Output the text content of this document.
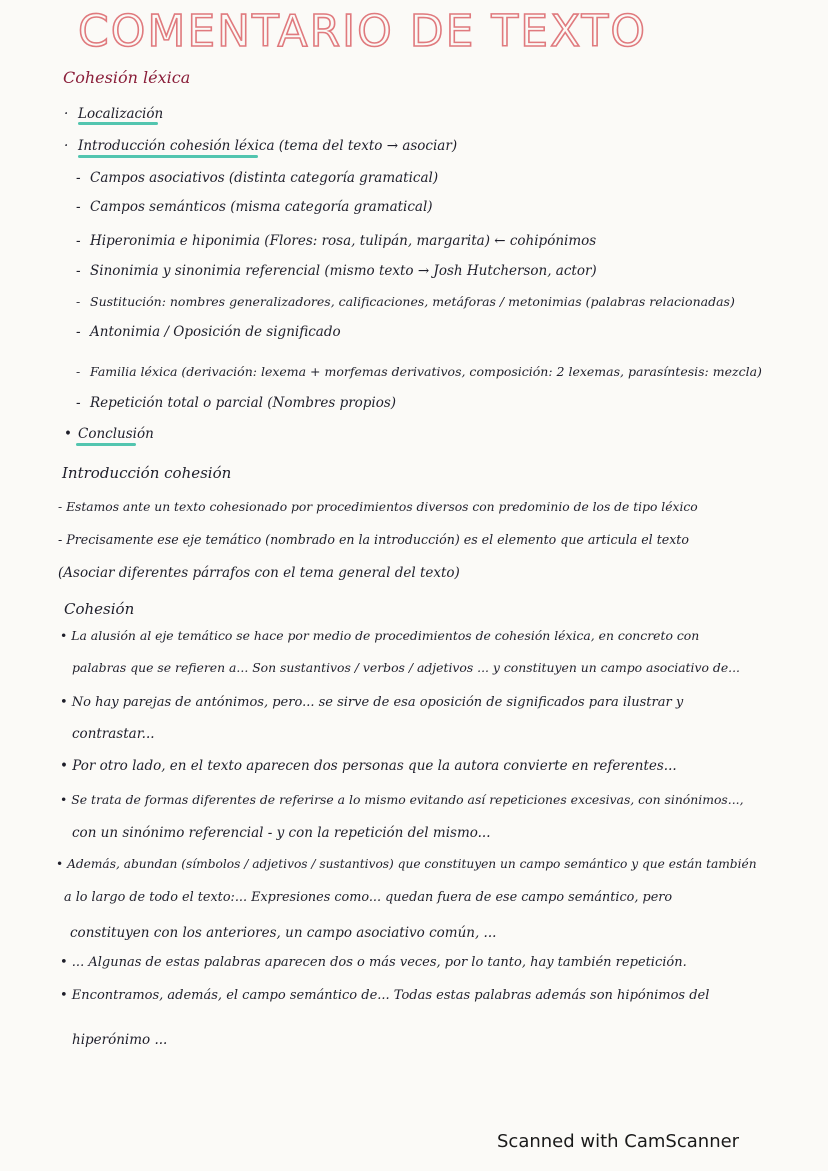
COMENTARIO DE TEXTO
Cohesión léxica
· Localización
· Introducción cohesión léxica (tema del texto → asociar)
- Campos asociativos (distinta categoría gramatical)
- Campos semánticos (misma categoría gramatical)
- Hiperonimia e hiponimia (Flores: rosa, tulipán, margarita) ← cohipónimos
- Sinonimia y sinonimia referencial (mismo texto → Josh Hutcherson, actor)
- Sustitución: nombres generalizadores, calificaciones, metáforas / metonimias (palabras relacionadas)
- Antonimia / Oposición de significado
- Familia léxica (derivación: lexema + morfemas derivativos, composición: 2 lexemas, parasíntesis: mezcla)
- Repetición total o parcial (Nombres propios)
• Conclusión
Introducción cohesión
- Estamos ante un texto cohesionado por procedimientos diversos con predominio de los de tipo léxico
- Precisamente ese eje temático (nombrado en la introducción) es el elemento que articula el texto
(Asociar diferentes párrafos con el tema general del texto)
Cohesión
• La alusión al eje temático se hace por medio de procedimientos de cohesión léxica, en concreto con
palabras que se refieren a... Son sustantivos / verbos / adjetivos ... y constituyen un campo asociativo de...
• No hay parejas de antónimos, pero... se sirve de esa oposición de significados para ilustrar y
contrastar...
• Por otro lado, en el texto aparecen dos personas que la autora convierte en referentes...
• Se trata de formas diferentes de referirse a lo mismo evitando así repeticiones excesivas, con sinónimos...,
con un sinónimo referencial - y con la repetición del mismo...
• Además, abundan (símbolos / adjetivos / sustantivos) que constituyen un campo semántico y que están también
a lo largo de todo el texto:... Expresiones como... quedan fuera de ese campo semántico, pero
constituyen con los anteriores, un campo asociativo común, ...
• ... Algunas de estas palabras aparecen dos o más veces, por lo tanto, hay también repetición.
• Encontramos, además, el campo semántico de... Todas estas palabras además son hipónimos del
hiperónimo ...
Scanned with CamScanner
